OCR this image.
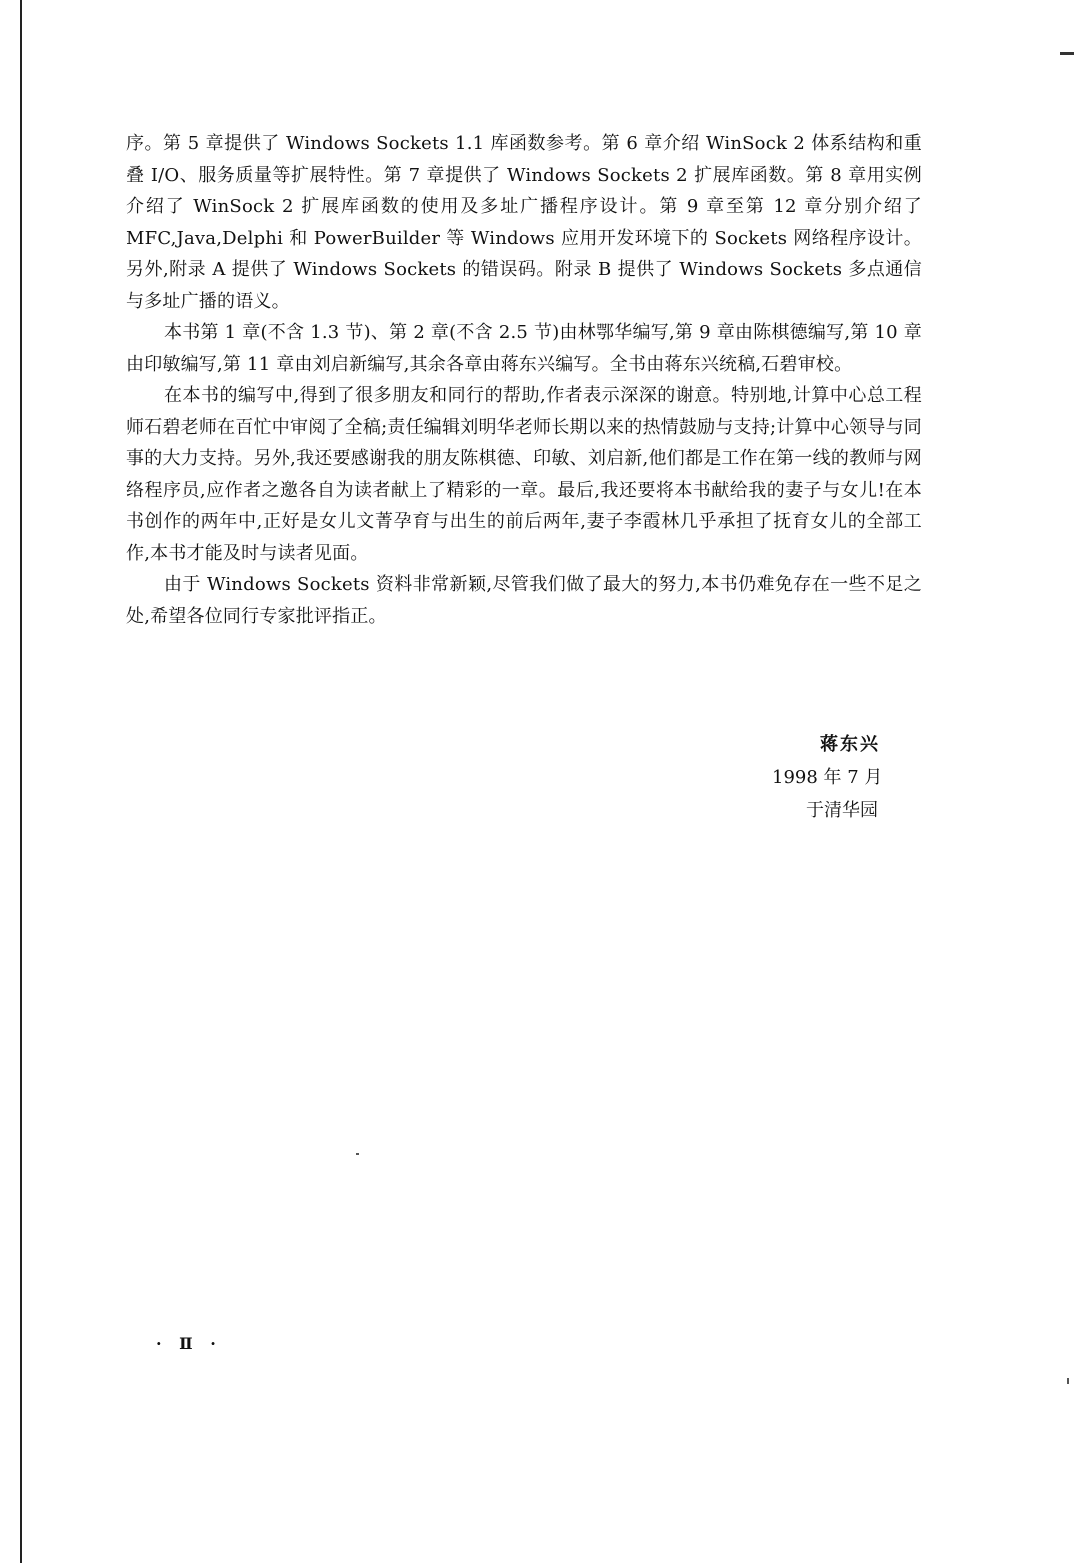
序。第 5 章提供了 Windows Sockets 1.1 库函数参考。第 6 章介绍 WinSock 2 体系结构和重叠 I/O、服务质量等扩展特性。第 7 章提供了 Windows Sockets 2 扩展库函数。第 8 章用实例介绍了 WinSock 2 扩展库函数的使用及多址广播程序设计。第 9 章至第 12 章分别介绍了 MFC,Java,Delphi 和 PowerBuilder 等 Windows 应用开发环境下的 Sockets 网络程序设计。另外,附录 A 提供了 Windows Sockets 的错误码。附录 B 提供了 Windows Sockets 多点通信与多址广播的语义。

本书第 1 章(不含 1.3 节)、第 2 章(不含 2.5 节)由林鄂华编写,第 9 章由陈棋德编写,第 10 章由印敏编写,第 11 章由刘启新编写,其余各章由蒋东兴编写。全书由蒋东兴统稿,石碧审校。

在本书的编写中,得到了很多朋友和同行的帮助,作者表示深深的谢意。特别地,计算中心总工程师石碧老师在百忙中审阅了全稿;责任编辑刘明华老师长期以来的热情鼓励与支持;计算中心领导与同事的大力支持。另外,我还要感谢我的朋友陈棋德、印敏、刘启新,他们都是工作在第一线的教师与网络程序员,应作者之邀各自为读者献上了精彩的一章。最后,我还要将本书献给我的妻子与女儿!在本书创作的两年中,正好是女儿文菁孕育与出生的前后两年,妻子李霞林几乎承担了抚育女儿的全部工作,本书才能及时与读者见面。

由于 Windows Sockets 资料非常新颖,尽管我们做了最大的努力,本书仍难免存在一些不足之处,希望各位同行专家批评指正。

蒋东兴
1998 年 7 月
于清华园
· Ⅱ ·
